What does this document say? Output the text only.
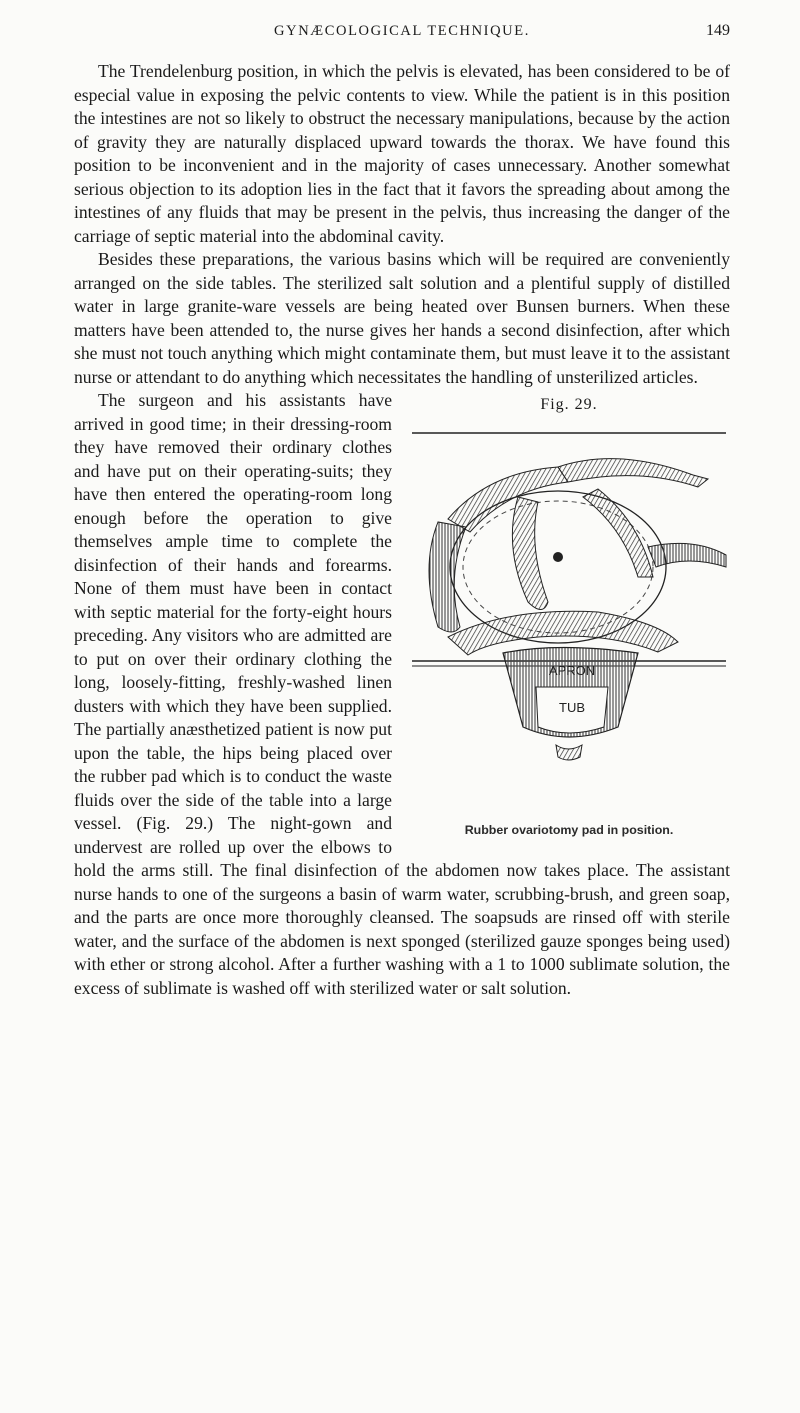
GYNÆCOLOGICAL TECHNIQUE.	149

The Trendelenburg position, in which the pelvis is elevated, has been considered to be of especial value in exposing the pelvic contents to view. While the patient is in this position the intestines are not so likely to obstruct the necessary manipulations, because by the action of gravity they are naturally displaced upward towards the thorax. We have found this position to be inconvenient and in the majority of cases unnecessary. Another somewhat serious objection to its adoption lies in the fact that it favors the spreading about among the intestines of any fluids that may be present in the pelvis, thus increasing the danger of the carriage of septic material into the abdominal cavity.

Besides these preparations, the various basins which will be required are conveniently arranged on the side tables. The sterilized salt solution and a plentiful supply of distilled water in large granite-ware vessels are being heated over Bunsen burners. When these matters have been attended to, the nurse gives her hands a second disinfection, after which she must not touch anything which might contaminate them, but must leave it to the assistant nurse or attendant to do anything which necessitates the handling of unsterilized articles.

Fig. 29.
APRON
TUB
Rubber ovariotomy pad in position.

The surgeon and his assistants have arrived in good time; in their dressing-room they have removed their ordinary clothes and have put on their operating-suits; they have then entered the operating-room long enough before the operation to give themselves ample time to complete the disinfection of their hands and forearms. None of them must have been in contact with septic material for the forty-eight hours preceding. Any visitors who are admitted are to put on over their ordinary clothing the long, loosely-fitting, freshly-washed linen dusters with which they have been supplied. The partially anæsthetized patient is now put upon the table, the hips being placed over the rubber pad which is to conduct the waste fluids over the side of the table into a large vessel. (Fig. 29.) The night-gown and undervest are rolled up over the elbows to hold the arms still. The final disinfection of the abdomen now takes place. The assistant nurse hands to one of the surgeons a basin of warm water, scrubbing-brush, and green soap, and the parts are once more thoroughly cleansed. The soapsuds are rinsed off with sterile water, and the surface of the abdomen is next sponged (sterilized gauze sponges being used) with ether or strong alcohol. After a further washing with a 1 to 1000 sublimate solution, the excess of sublimate is washed off with sterilized water or salt solution.
